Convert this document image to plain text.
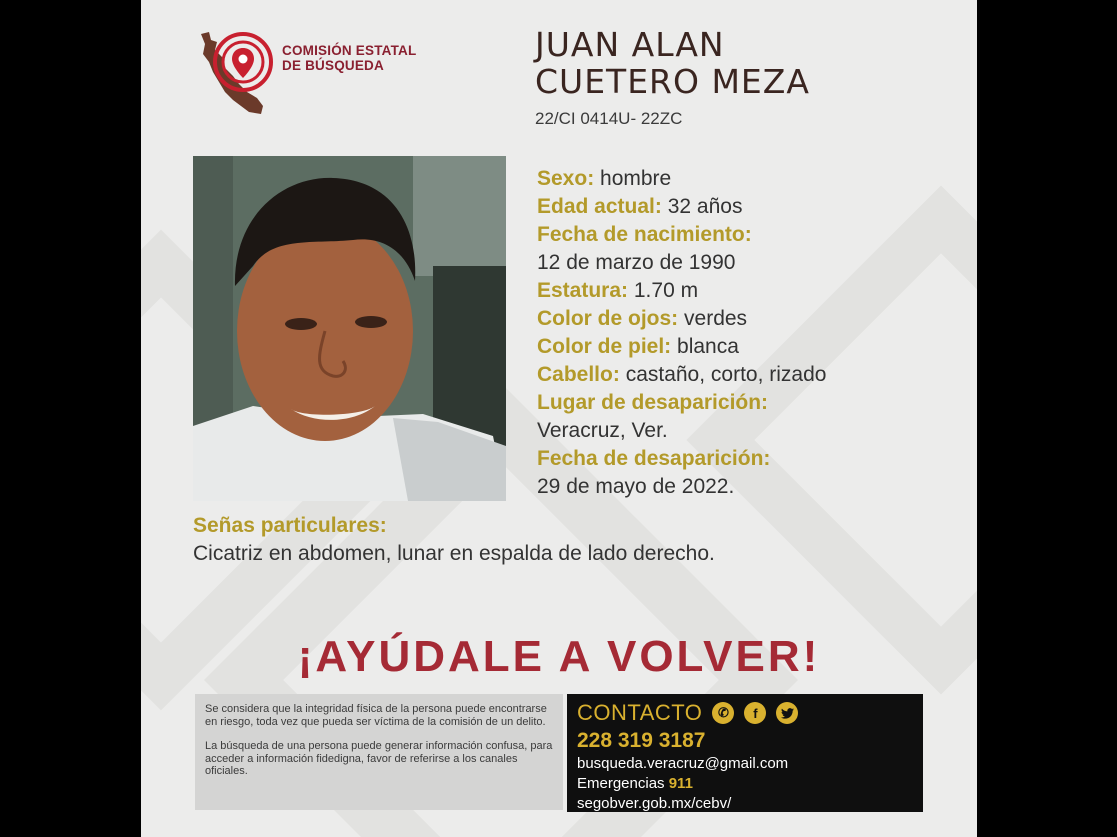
COMISIÓN ESTATAL
DE BÚSQUEDA
JUAN ALAN
CUETERO MEZA
22/CI 0414U- 22ZC
Sexo: hombre
Edad actual: 32 años
Fecha de nacimiento:
12 de marzo de 1990
Estatura: 1.70 m
Color de ojos: verdes
Color de piel: blanca
Cabello: castaño, corto, rizado
Lugar de desaparición:
Veracruz, Ver.
Fecha de desaparición:
29 de mayo de 2022.
Señas particulares:
Cicatriz en abdomen, lunar en espalda de lado derecho.
¡AYÚDALE A VOLVER!

Se considera que la integridad física de la persona puede encontrarse en riesgo, toda vez que pueda ser víctima de la comisión de un delito.

La búsqueda de una persona puede generar información confusa, para acceder a información fidedigna, favor de referirse a los canales oficiales.

CONTACTO	✆	f
228 319 3187
busqueda.veracruz@gmail.com
Emergencias 911
segobver.gob.mx/cebv/
